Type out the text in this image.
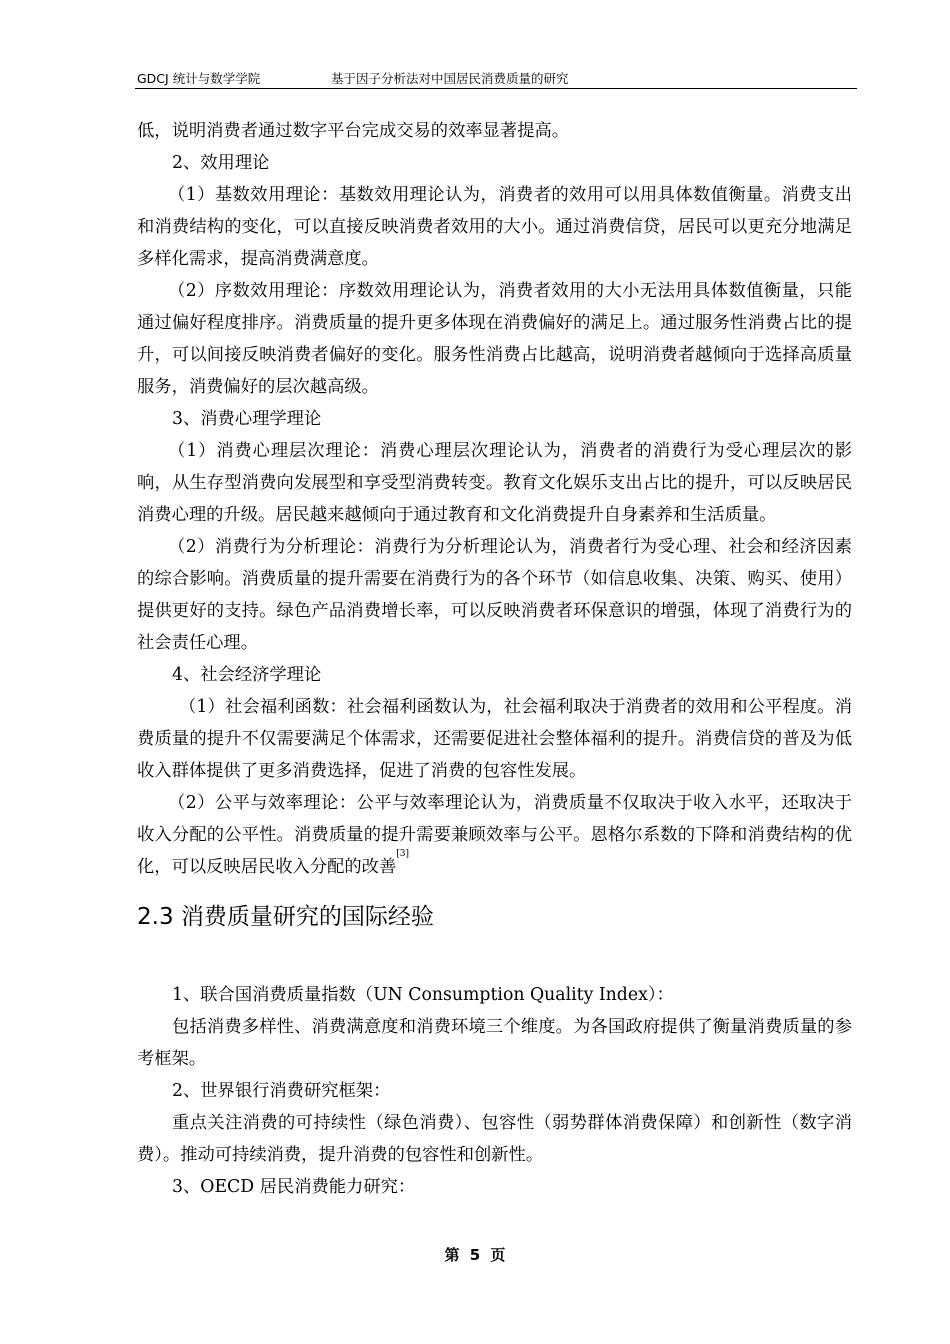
GDCJ 统计与数学学院	基于因子分析法对中国居民消费质量的研究

低，说明消费者通过数字平台完成交易的效率显著提高。

2、效用理论

（1）基数效用理论：基数效用理论认为，消费者的效用可以用具体数值衡量。消费支出和消费结构的变化，可以直接反映消费者效用的大小。通过消费信贷，居民可以更充分地满足多样化需求，提高消费满意度。

（2）序数效用理论：序数效用理论认为，消费者效用的大小无法用具体数值衡量，只能通过偏好程度排序。消费质量的提升更多体现在消费偏好的满足上。通过服务性消费占比的提升，可以间接反映消费者偏好的变化。服务性消费占比越高，说明消费者越倾向于选择高质量服务，消费偏好的层次越高级。

3、消费心理学理论

（1）消费心理层次理论：消费心理层次理论认为，消费者的消费行为受心理层次的影响，从生存型消费向发展型和享受型消费转变。教育文化娱乐支出占比的提升，可以反映居民消费心理的升级。居民越来越倾向于通过教育和文化消费提升自身素养和生活质量。

（2）消费行为分析理论：消费行为分析理论认为，消费者行为受心理、社会和经济因素的综合影响。消费质量的提升需要在消费行为的各个环节（如信息收集、决策、购买、使用）提供更好的支持。绿色产品消费增长率，可以反映消费者环保意识的增强，体现了消费行为的社会责任心理。

4、社会经济学理论

（1）社会福利函数：社会福利函数认为，社会福利取决于消费者的效用和公平程度。消费质量的提升不仅需要满足个体需求，还需要促进社会整体福利的提升。消费信贷的普及为低收入群体提供了更多消费选择，促进了消费的包容性发展。

（2）公平与效率理论：公平与效率理论认为，消费质量不仅取决于收入水平，还取决于收入分配的公平性。消费质量的提升需要兼顾效率与公平。恩格尔系数的下降和消费结构的优化，可以反映居民收入分配的改善[3]

2.3 消费质量研究的国际经验

1、联合国消费质量指数（UN Consumption Quality Index）：

包括消费多样性、消费满意度和消费环境三个维度。为各国政府提供了衡量消费质量的参考框架。

2、世界银行消费研究框架：

重点关注消费的可持续性（绿色消费）、包容性（弱势群体消费保障）和创新性（数字消费）。推动可持续消费，提升消费的包容性和创新性。

3、OECD 居民消费能力研究：

第 5 页
